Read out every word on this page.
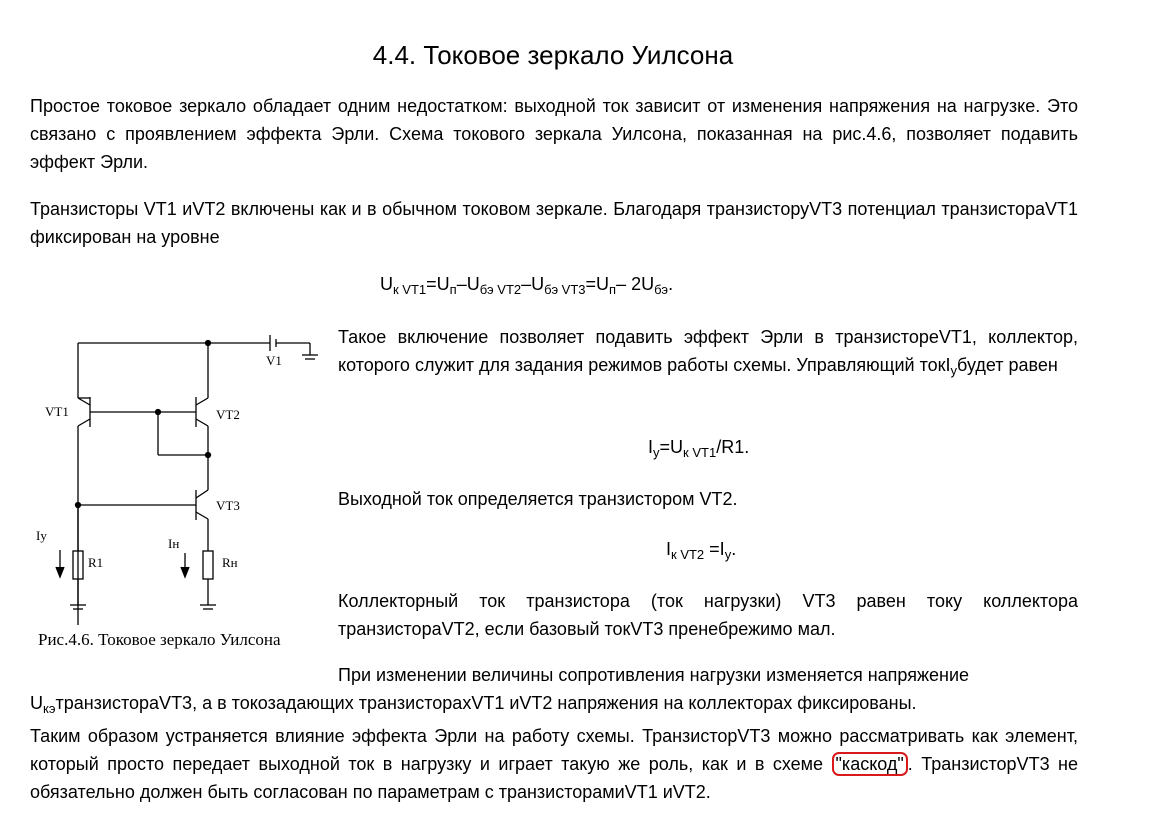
4.4. Токовое зеркало Уилсона
Простое токовое зеркало обладает одним недостатком: выходной ток зависит от изменения напряжения на нагрузке. Это связано с проявлением эффекта Эрли. Схема токового зеркала Уилсона, показанная на рис.4.6, позволяет подавить эффект Эрли.
Транзисторы VT1 иVT2 включены как и в обычном токовом зеркале. Благодаря транзисторуVT3 потенциал транзистораVT1 фиксирован на уровне
$U_{к VT1}=U_п-U_{бэ VT2}-U_{бэ VT3}=U_п-$ $2U_{бэ}$.
VT1	VT2
VT3
V1
Iу
R1
Iн
Rн
Рис.4.6. Токовое зеркало Уилсона
Такое включение позволяет подавить эффект Эрли в транзистореVT1, коллектор, которого служит для задания режимов работы схемы. Управляющий токI$_у$будет равен
$I_у=U_{к VT1}/R1$.
Выходной ток определяется транзистором VT2.
$I_{к VT2} =I_у$.
Коллекторный ток транзистора (ток нагрузки) VT3 равен току коллектора транзистораVT2, если базовый токVT3 пренебрежимо мал.
При изменении величины сопротивления нагрузки изменяется напряжение
$U_{кэ}транзистораVT3$, а в токозадающих транзисторахVT1 иVT2 напряжения на коллекторах фиксированы.
Таким образом устраняется влияние эффекта Эрли на работу схемы. ТранзисторVT3 можно рассматривать как элемент, который просто передает выходной ток в нагрузку и играет такую же роль, как и в схеме "каскод" . ТранзисторVT3 не обязательно должен быть согласован по параметрам с транзисторамиVT1 иVT2.
